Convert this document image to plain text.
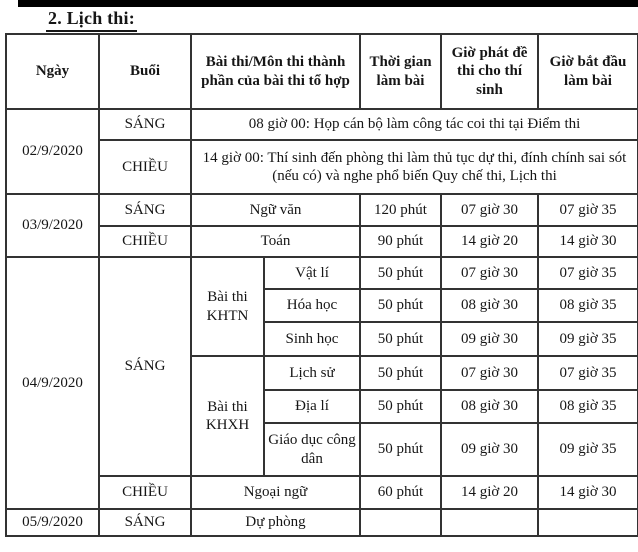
2. Lịch thi:
Ngày	Buổi	Bài thi/Môn thi thành phần của bài thi tổ hợp		Thời gian làm bài	Giờ phát đề thi cho thí sinh	Giờ bắt đầu làm bài
02/9/2020	SÁNG	08 giờ 00: Họp cán bộ làm công tác coi thi tại Điểm thi				
	CHIỀU	14 giờ 00: Thí sinh đến phòng thi làm thủ tục dự thi, đính chính sai sót (nếu có) và nghe phổ biến Quy chế thi, Lịch thi				
03/9/2020	SÁNG	Ngữ văn		120 phút	07 giờ 30	07 giờ 35
	CHIỀU	Toán		90 phút	14 giờ 20	14 giờ 30
04/9/2020	SÁNG	Bài thi KHTN	Vật lí	50 phút	07 giờ 30	07 giờ 35
			Hóa học	50 phút	08 giờ 30	08 giờ 35
			Sinh học	50 phút	09 giờ 30	09 giờ 35
		Bài thi KHXH	Lịch sử	50 phút	07 giờ 30	07 giờ 35
			Địa lí	50 phút	08 giờ 30	08 giờ 35
			Giáo dục công dân	50 phút	09 giờ 30	09 giờ 35
	CHIỀU	Ngoại ngữ		60 phút	14 giờ 20	14 giờ 30
05/9/2020	SÁNG	Dự phòng				
